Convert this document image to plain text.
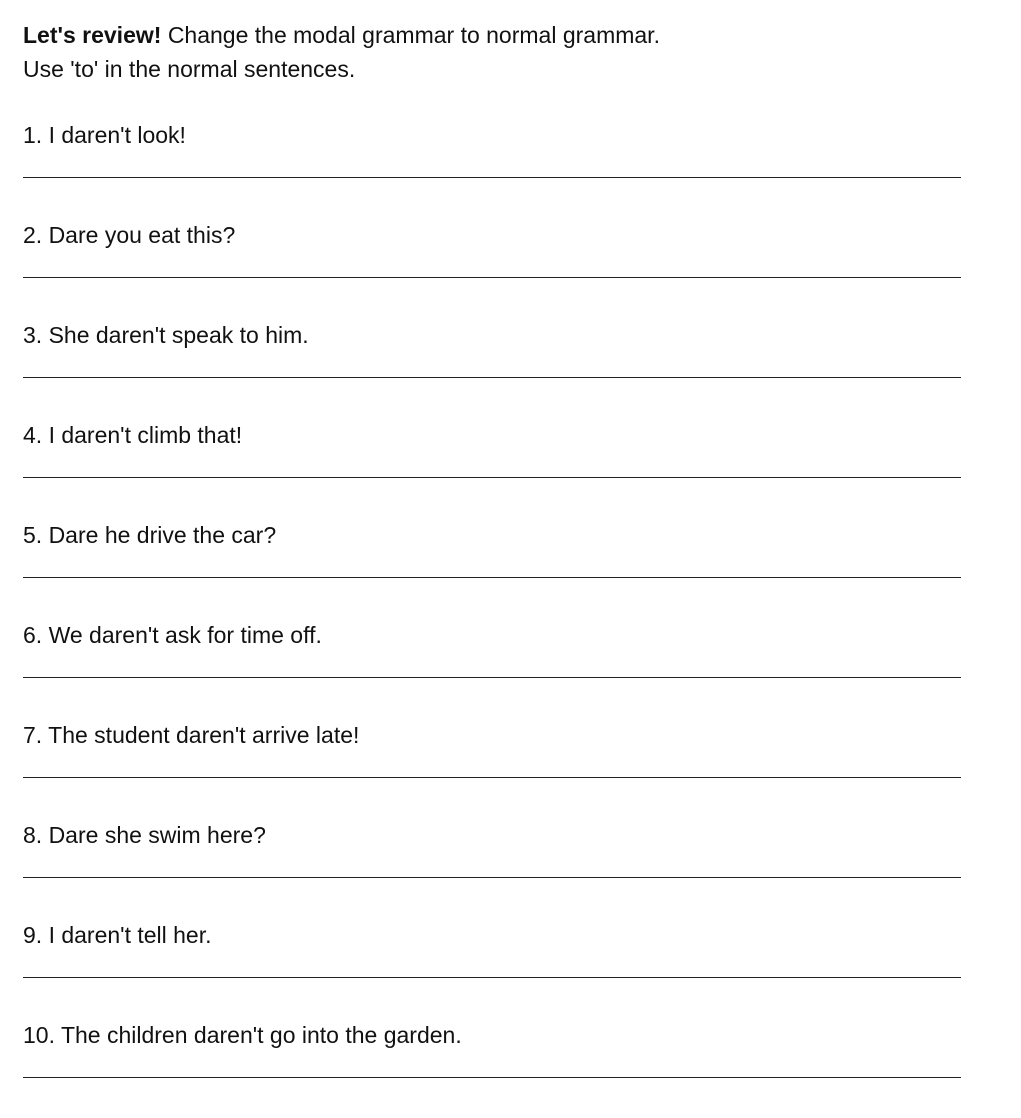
Let's review! Change the modal grammar to normal grammar.
Use 'to' in the normal sentences.
1. I daren't look!
2. Dare you eat this?
3. She daren't speak to him.
4. I daren't climb that!
5. Dare he drive the car?
6. We daren't ask for time off.
7. The student daren't arrive late!
8. Dare she swim here?
9. I daren't tell her.
10. The children daren't go into the garden.
